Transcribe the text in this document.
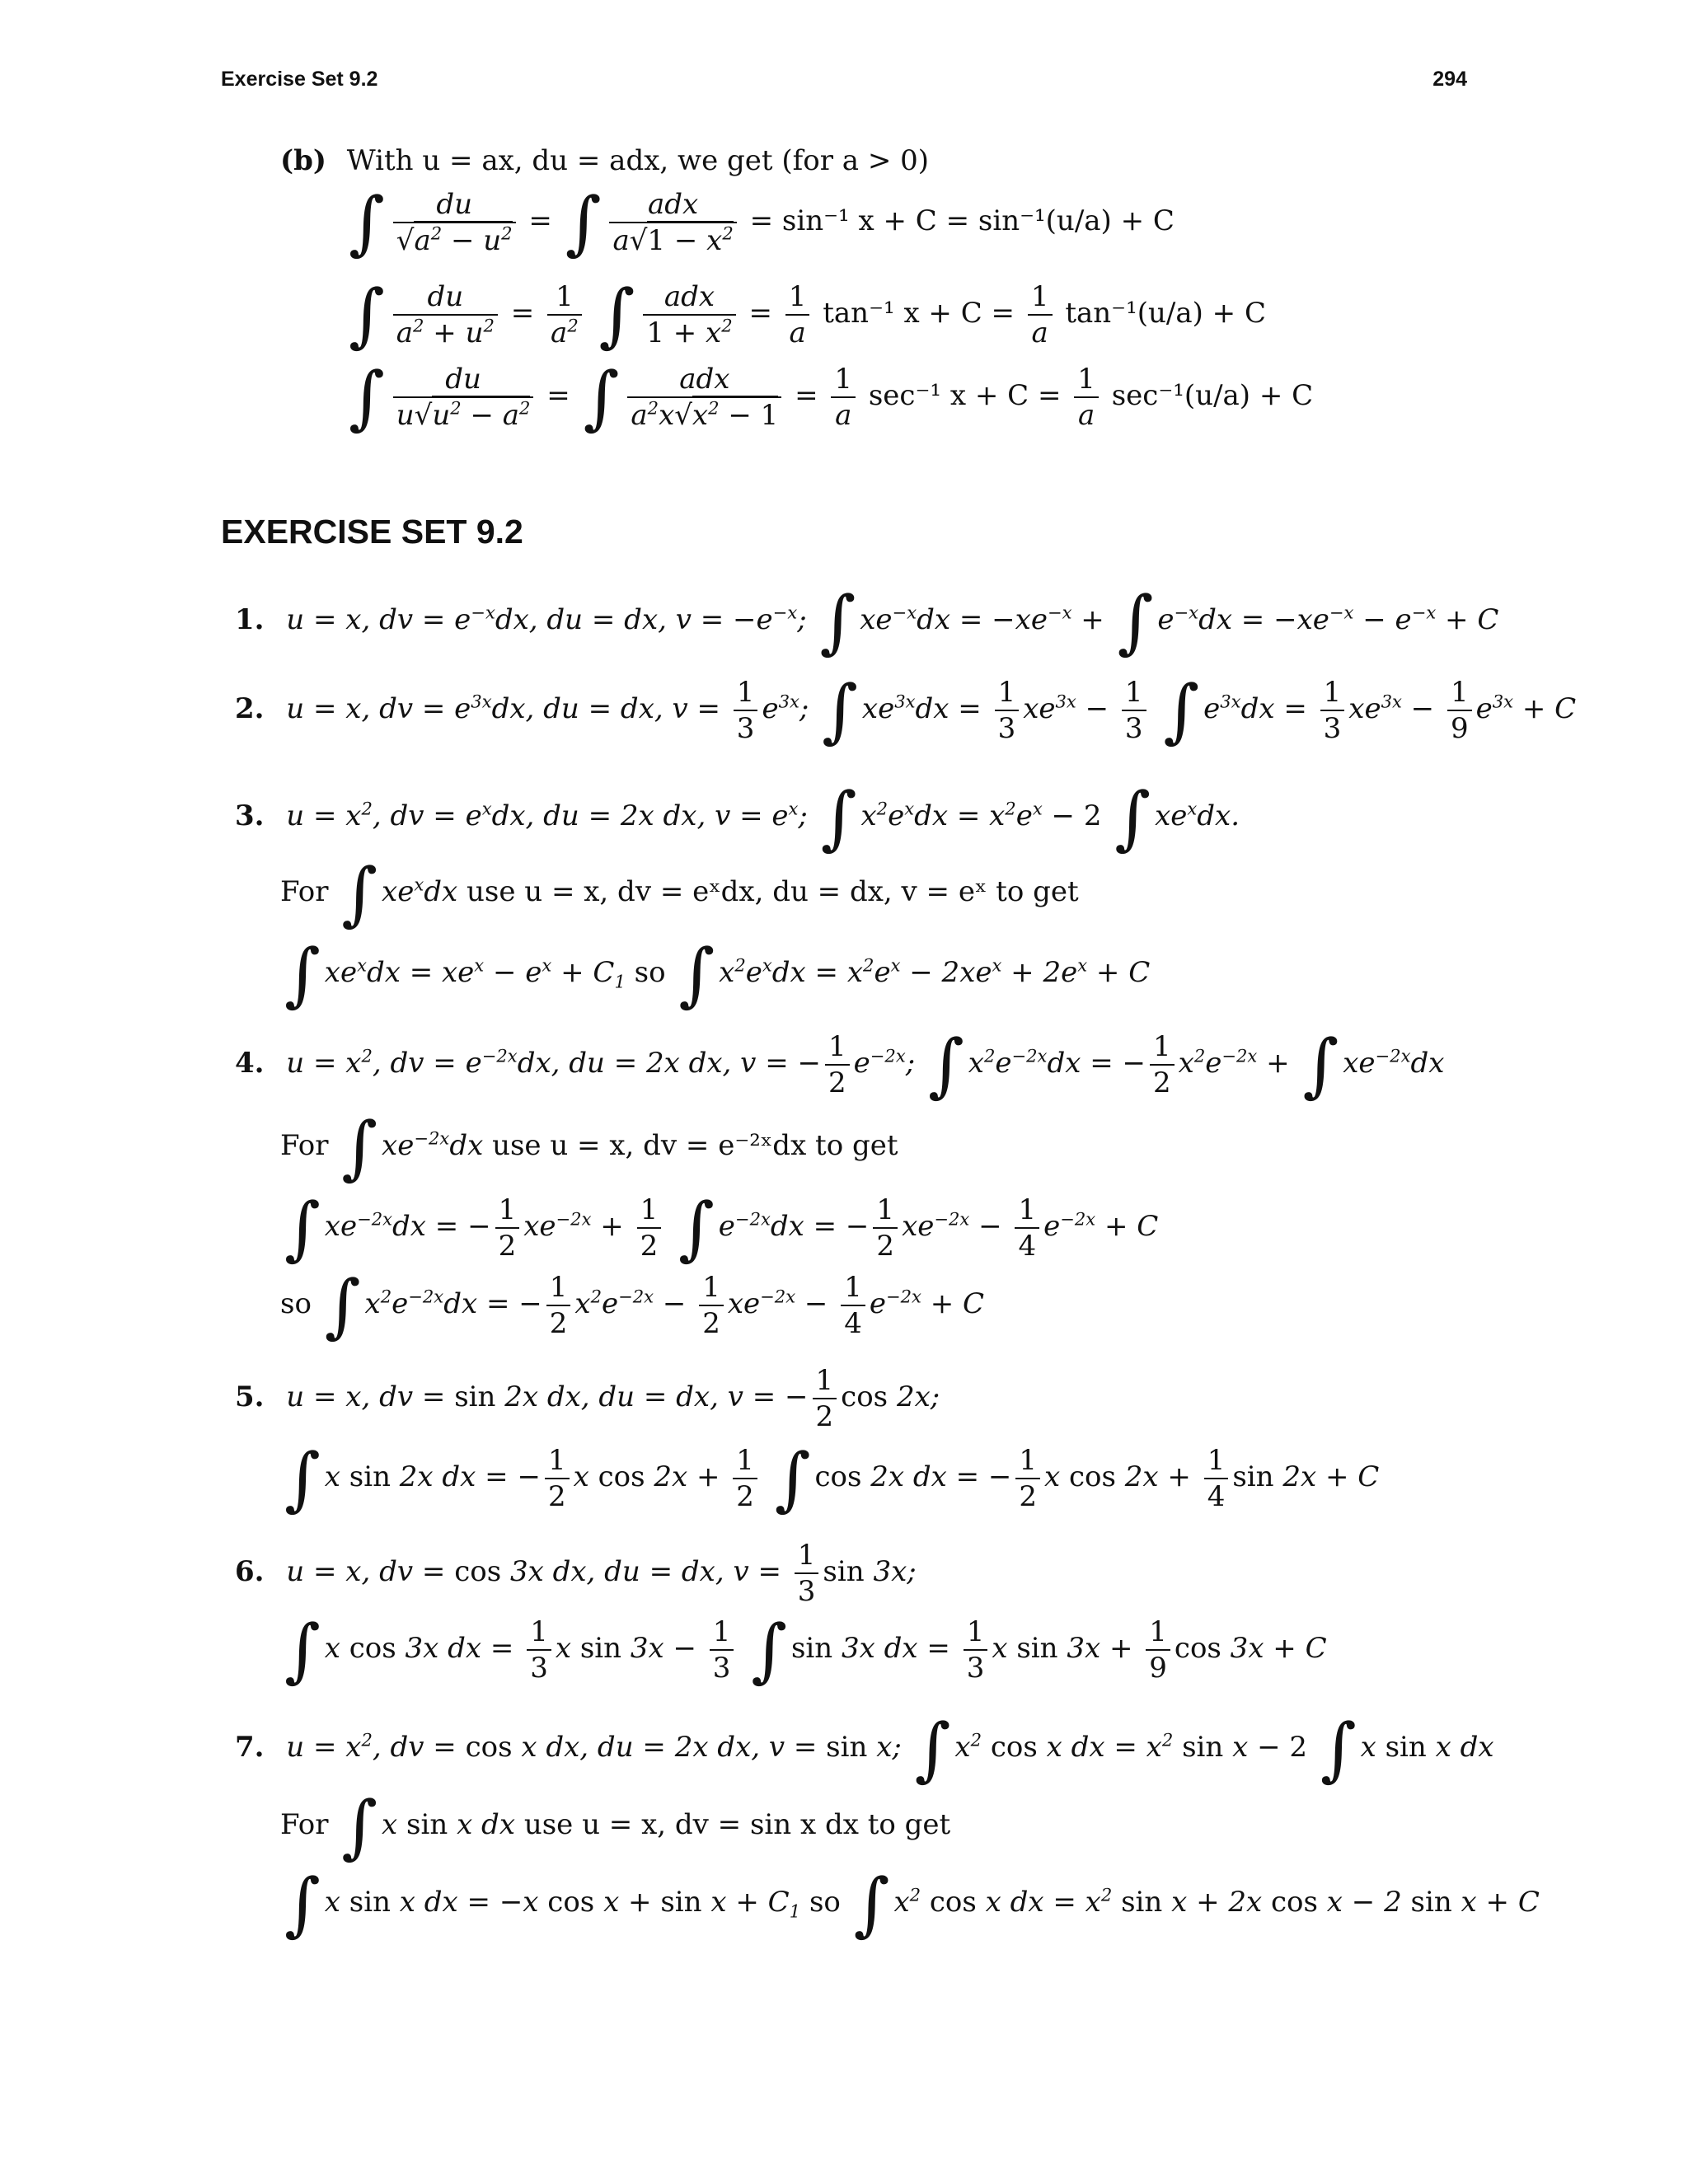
Exercise Set 9.2	294
(b) With u = ax, du = adx, we get (for a > 0)
∫ $\frac{du}{√a^2 - u^2}$ = ∫ $\frac{\text{adx}}{a√1 - x^2} = \sin^{-1}$ x + C = sin⁻¹(u/a) + C
∫ $\frac{du}{a^2 + u^2} = \frac{1}{a^2}$ ∫ $\frac{\text{adx}}{1 + x^2} = \frac{1}{a} \tan^{-1}$ $x + C = \frac{1}{a} \tan^{-1}(u/a) + C$
∫ $\frac{du}{u√u^2 - a^2}$ = ∫ $\frac{\text{adx}}{a^2x√x^2 - 1} = \frac{1}{a} \sec^{-1}$ $x + C = \frac{1}{a} \sec^{-1}(u/a) + C$
EXERCISE SET 9.2
1. u = x, dv = $e^{-x}dx$, du = dx, $v = -e^{-x}$; ∫ $xe^{-x}dx = -xe^{-x}$ + ∫ $e^{-x}dx = -xe^{-x} - e^{-x} + C$
2. u = x, dv = $e^{3x}dx$, du = dx, $v = \frac{1}{3} e^{3x}$; ∫ $xe^{3x}dx = \frac{1}{3} xe^{3x} - \frac{1}{3}$ ∫ $e^{3x}dx = \frac{1}{3} xe^{3x} - \frac{1}{9} e^{3x} + C$
3. $u = x^2$, dv = $e^xdx$, du = 2x dx, $v = e^x$; ∫ $x^2e^xdx = x^2e^x - 2$ ∫ $xe^xdx$.
For ∫ $xe^xdx$ use u = x, dv = eˣdx, du = dx, v = eˣ to get
∫ $xe^xdx = xe^x - e^x + C_1$ so ∫ $x^2e^xdx = x^2e^x - 2xe^x + 2e^x + C$
4. $u = x^2$, dv = $e^{-2x}dx$, du = 2x dx, v = − $\frac{1}{2} e^{-2x}$; ∫ $x^2e^{-2x}dx$ = − $\frac{1}{2} x^2e^{-2x}$ + ∫ $xe^{-2x}dx$
For ∫ $xe^{-2x}dx$ use u = x, dv = e⁻²ˣdx to get
∫ $xe^{-2x}dx$ = − $\frac{1}{2} xe^{-2x} + \frac{1}{2}$ ∫ $e^{-2x}dx$ = − $\frac{1}{2} xe^{-2x} - \frac{1}{4} e^{-2x} + C$
so ∫ $x^2e^{-2x}dx$ = − $\frac{1}{2} x^2e^{-2x} - \frac{1}{2} xe^{-2x} - \frac{1}{4} e^{-2x} + C$
5. u = x, dv = sin 2x dx, du = dx, v = − $\frac{1}{2}$ cos 2x;
∫ x sin 2x dx = − $\frac{1}{2}$ x $\cos 2x + \frac{1}{2}$ ∫ cos 2x dx = − $\frac{1}{2}$ x $\cos 2x + \frac{1}{4}$ sin 2x + C
6. u = x, dv = cos 3x dx, du = dx, $v = \frac{1}{3}$ sin 3x;
∫ x cos 3x dx = $\frac{1}{3}$ x $\sin 3x - \frac{1}{3}$ ∫ sin 3x dx = $\frac{1}{3}$ x $\sin 3x + \frac{1}{9}$ cos 3x + C
7. $u = x^2$, dv = cos x dx, du = 2x dx, v = sin x; ∫ $x^2$ cos x dx = $x^2$ sin x − 2 ∫ x sin x dx
For ∫ x sin x dx use u = x, dv = sin x dx to get
∫ x sin x dx = −x $\cos x + \sin x + C_1$ so ∫ $x^2$ cos x dx = $x^2$ sin x + 2x cos x − 2 sin x + C
